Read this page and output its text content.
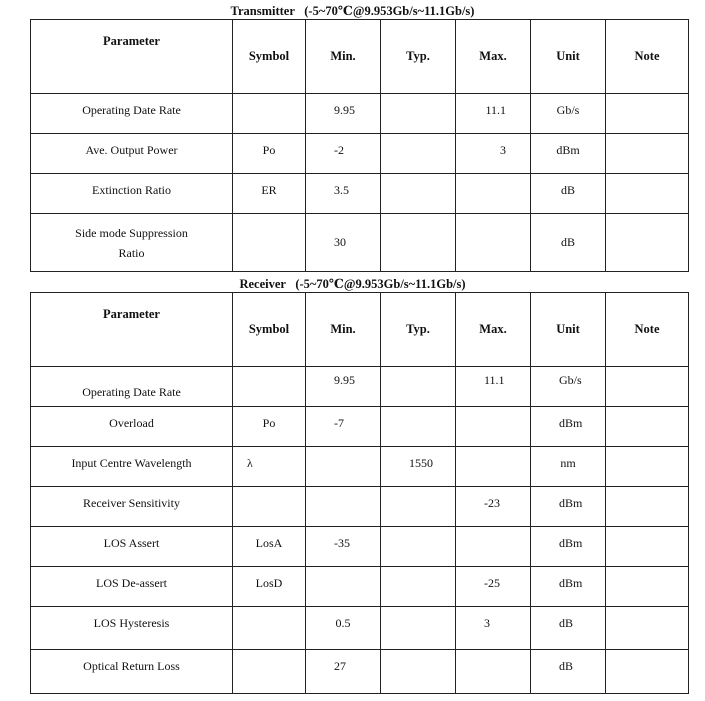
Transmitter (-5~70℃@9.953Gb/s~11.1Gb/s)
Parameter	Symbol	Min.	Typ.	Max.	Unit	Note
Operating Date Rate		9.95		11.1	Gb/s	
Ave. Output Power	Po	-2		3	dBm	
Extinction Ratio	ER	3.5			dB	
Side mode Suppression
Ratio		30			dB	
Receiver (-5~70℃@9.953Gb/s~11.1Gb/s)
Parameter	Symbol	Min.	Typ.	Max.	Unit	Note
Operating Date Rate		9.95		11.1	Gb/s	
Overload	Po	-7			dBm	
Input Centre Wavelength	λ		1550		nm	
Receiver Sensitivity				-23	dBm	
LOS Assert	LosA	-35			dBm	
LOS De-assert	LosD			-25	dBm	
LOS Hysteresis		0.5		3	dB	
Optical Return Loss		27			dB	
